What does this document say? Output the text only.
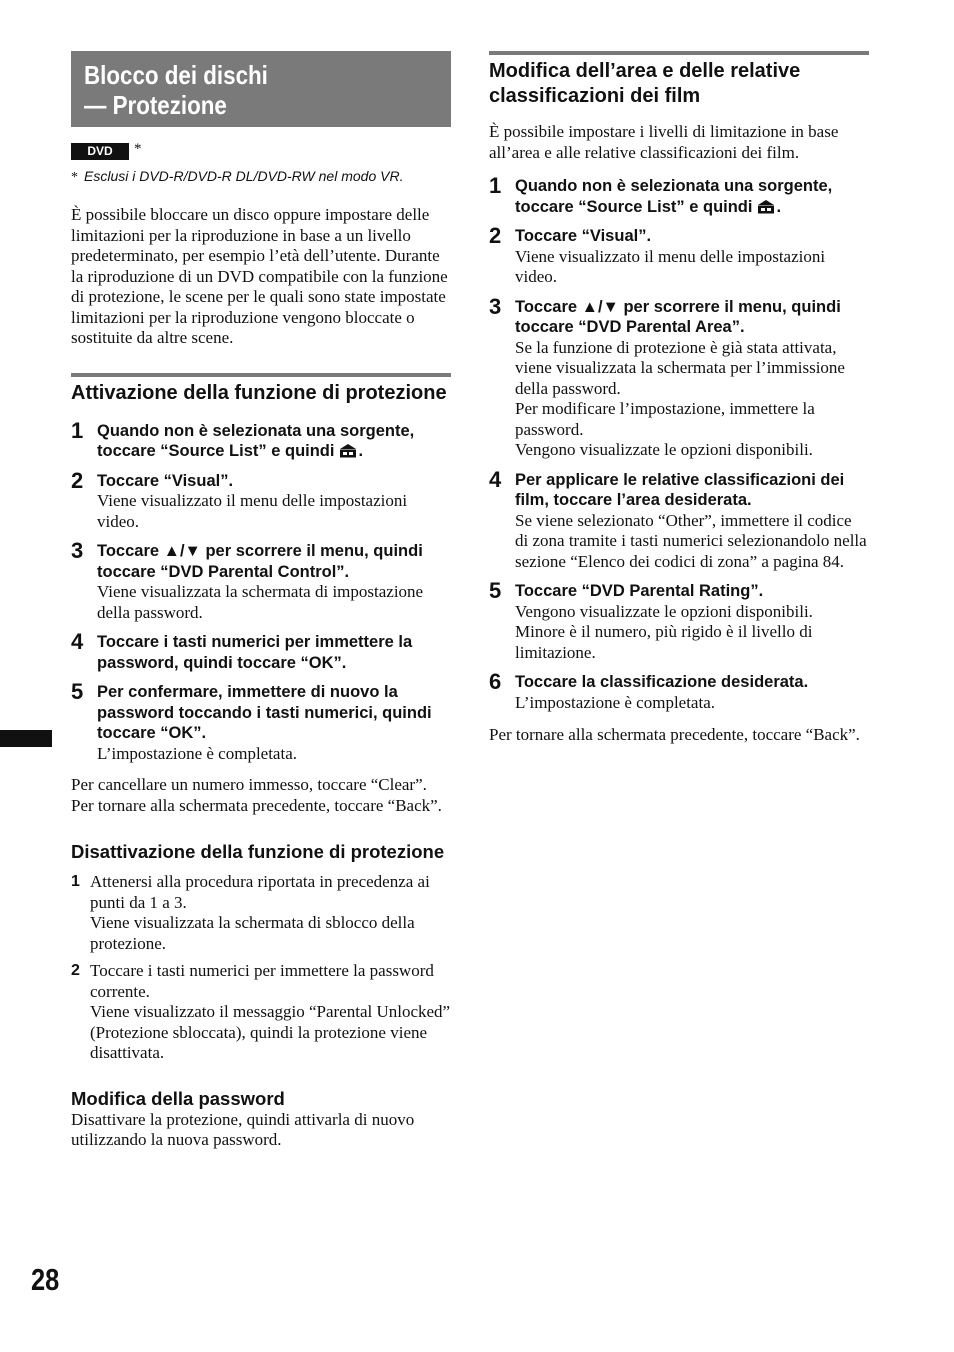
28
Blocco dei dischi
— Protezione
DVD	*
* Esclusi i DVD-R/DVD-R DL/DVD-RW nel modo VR.

È possibile bloccare un disco oppure impostare delle limitazioni per la riproduzione in base a un livello predeterminato, per esempio l’età dell’utente. Durante la riproduzione di un DVD compatibile con la funzione di protezione, le scene per le quali sono state impostate limitazioni per la riproduzione vengono bloccate o sostituite da altre scene.

Attivazione della funzione di protezione
1 Quando non è selezionata una sorgente, toccare “Source List” e quindi .
2 Toccare “Visual”.
Viene visualizzato il menu delle impostazioni video.
3 Toccare ▲/▼ per scorrere il menu, quindi toccare “DVD Parental Control”.
Viene visualizzata la schermata di impostazione della password.
4 Toccare i tasti numerici per immettere la password, quindi toccare “OK”.
5 Per confermare, immettere di nuovo la password toccando i tasti numerici, quindi toccare “OK”.
L’impostazione è completata.

Per cancellare un numero immesso, toccare “Clear”.

Per tornare alla schermata precedente, toccare “Back”.

Disattivazione della funzione di protezione
1 Attenersi alla procedura riportata in precedenza ai punti da 1 a 3.

Viene visualizzata la schermata di sblocco della protezione.

2 Toccare i tasti numerici per immettere la password corrente.

Viene visualizzato il messaggio “Parental Unlocked” (Protezione sbloccata), quindi la protezione viene disattivata.

Modifica della password

Disattivare la protezione, quindi attivarla di nuovo utilizzando la nuova password.

Modifica dell’area e delle relative classificazioni dei film

È possibile impostare i livelli di limitazione in base all’area e alle relative classificazioni dei film.

1 Quando non è selezionata una sorgente, toccare “Source List” e quindi .
2 Toccare “Visual”.
Viene visualizzato il menu delle impostazioni video.
3 Toccare ▲/▼ per scorrere il menu, quindi toccare “DVD Parental Area”.
Se la funzione di protezione è già stata attivata, viene visualizzata la schermata per l’immissione della password.
Per modificare l’impostazione, immettere la password.
Vengono visualizzate le opzioni disponibili.
4 Per applicare le relative classificazioni dei film, toccare l’area desiderata.
Se viene selezionato “Other”, immettere il codice di zona tramite i tasti numerici selezionandolo nella sezione “Elenco dei codici di zona” a pagina 84.
5 Toccare “DVD Parental Rating”.
Vengono visualizzate le opzioni disponibili.
Minore è il numero, più rigido è il livello di limitazione.
6 Toccare la classificazione desiderata.
L’impostazione è completata.

Per tornare alla schermata precedente, toccare “Back”.
